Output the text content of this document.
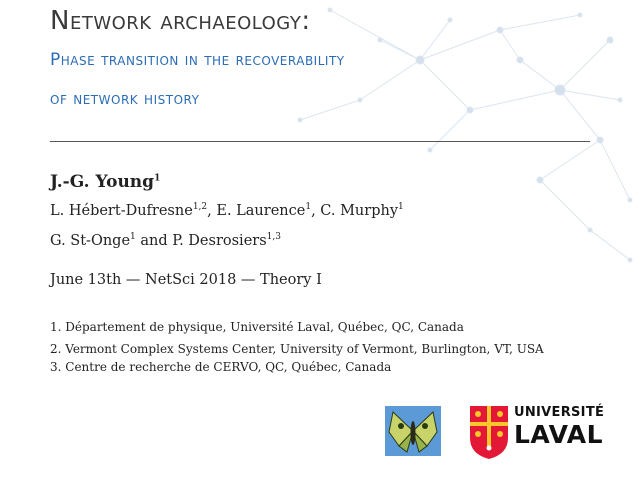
Network archaeology:
Phase transition in the recoverability
of network history
J.-G. Young$^1$
L. Hébert-Dufresne$^{1,2}$, E. Laurence$^1$, C. Murphy$^1$
G. St-Onge$^1$ and P. Desrosiers$^{1,3}$
June 13th — NetSci 2018 — Theory I
1. Département de physique, Université Laval, Québec, QC, Canada
2. Vermont Complex Systems Center, University of Vermont, Burlington, VT, USA
3. Centre de recherche de CERVO, QC, Québec, Canada
UNIVERSITÉ
LAVAL
